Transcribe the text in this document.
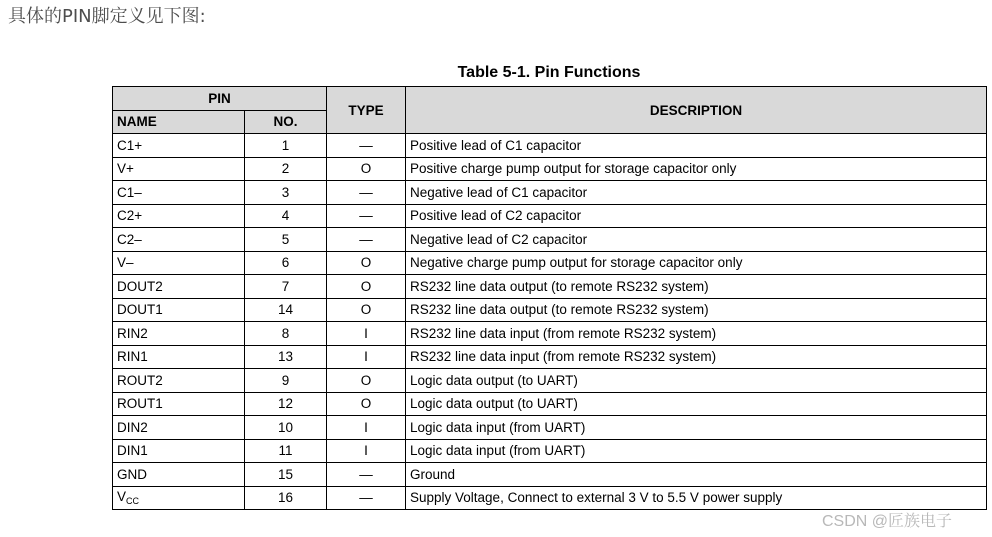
具体的PIN脚定义见下图:
Table 5-1. Pin Functions
PIN		TYPE	DESCRIPTION
NAME	NO.		
C1+	1	—	Positive lead of C1 capacitor
V+	2	O	Positive charge pump output for storage capacitor only
C1–	3	—	Negative lead of C1 capacitor
C2+	4	—	Positive lead of C2 capacitor
C2–	5	—	Negative lead of C2 capacitor
V–	6	O	Negative charge pump output for storage capacitor only
DOUT2	7	O	RS232 line data output (to remote RS232 system)
DOUT1	14	O	RS232 line data output (to remote RS232 system)
RIN2	8	I	RS232 line data input (from remote RS232 system)
RIN1	13	I	RS232 line data input (from remote RS232 system)
ROUT2	9	O	Logic data output (to UART)
ROUT1	12	O	Logic data output (to UART)
DIN2	10	I	Logic data input (from UART)
DIN1	11	I	Logic data input (from UART)
GND	15	—	Ground
$V_{CC}$	16	—	Supply Voltage, Connect to external 3 V to 5.5 V power supply
CSDN @匠族电子
